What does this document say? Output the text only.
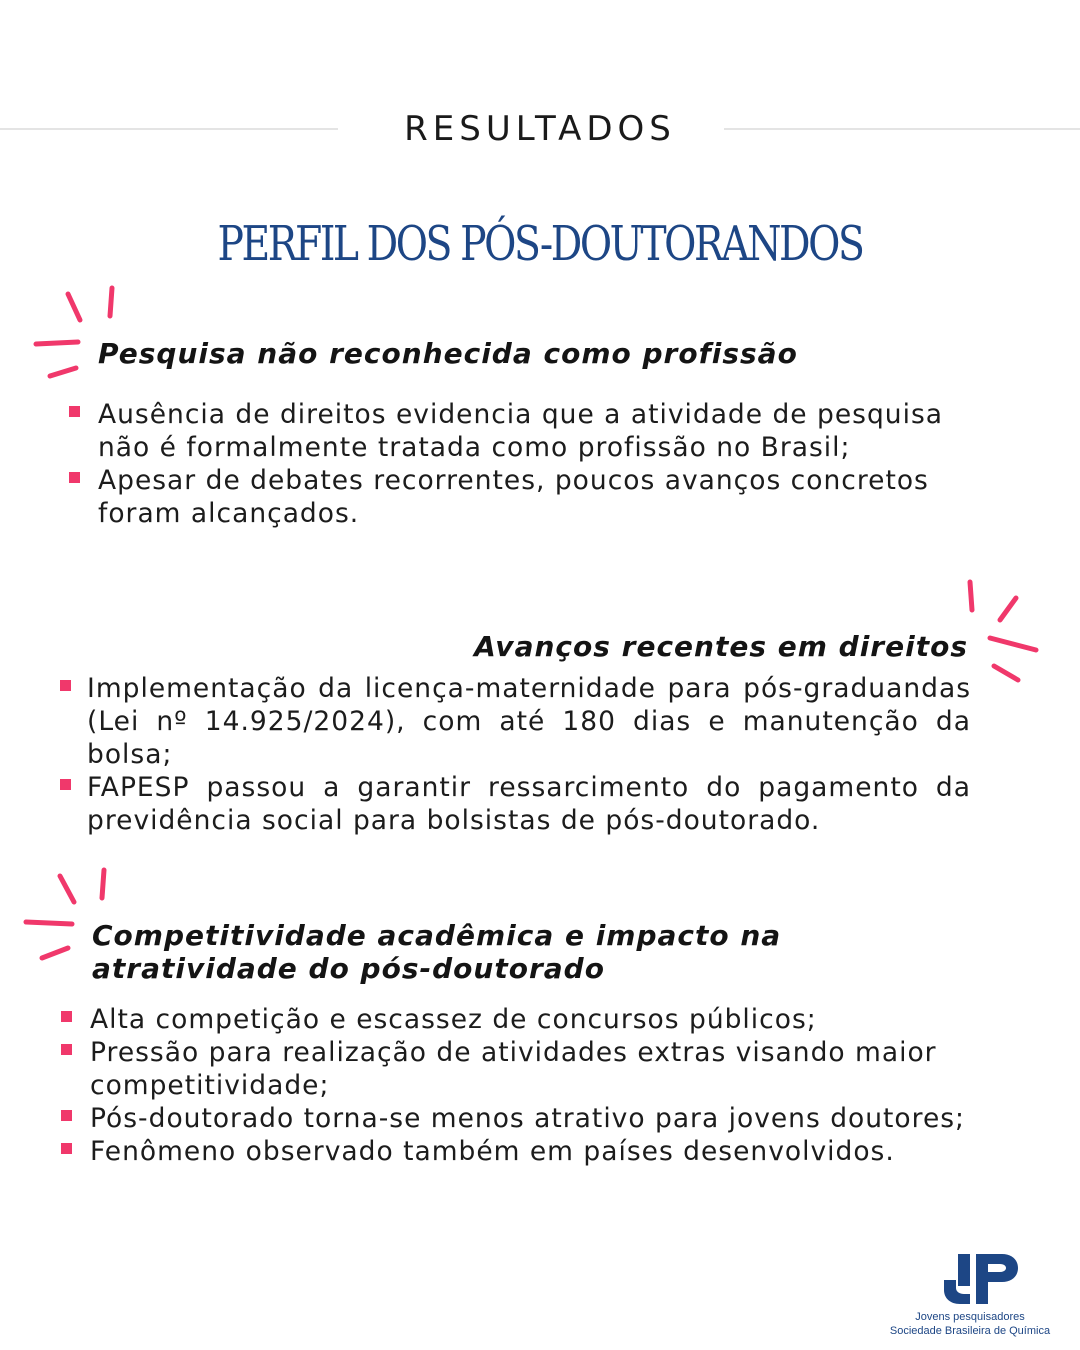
RESULTADOS
PERFIL DOS PÓS-DOUTORANDOS
Pesquisa não reconhecida como profissão
Ausência de direitos evidencia que a atividade de pesquisa não é formalmente tratada como profissão no Brasil;
Apesar de debates recorrentes, poucos avanços concretos foram alcançados.
Avanços recentes em direitos
Implementação da licença-maternidade para pós-graduandas (Lei nº 14.925/2024), com até 180 dias e manutenção da bolsa;
FAPESP passou a garantir ressarcimento do pagamento da previdência social para bolsistas de pós-doutorado.
Competitividade acadêmica e impacto na
atratividade do pós-doutorado
Alta competição e escassez de concursos públicos;
Pressão para realização de atividades extras visando maior competitividade;
Pós-doutorado torna-se menos atrativo para jovens doutores;
Fenômeno observado também em países desenvolvidos.
Jovens pesquisadores
Sociedade Brasileira de Química
